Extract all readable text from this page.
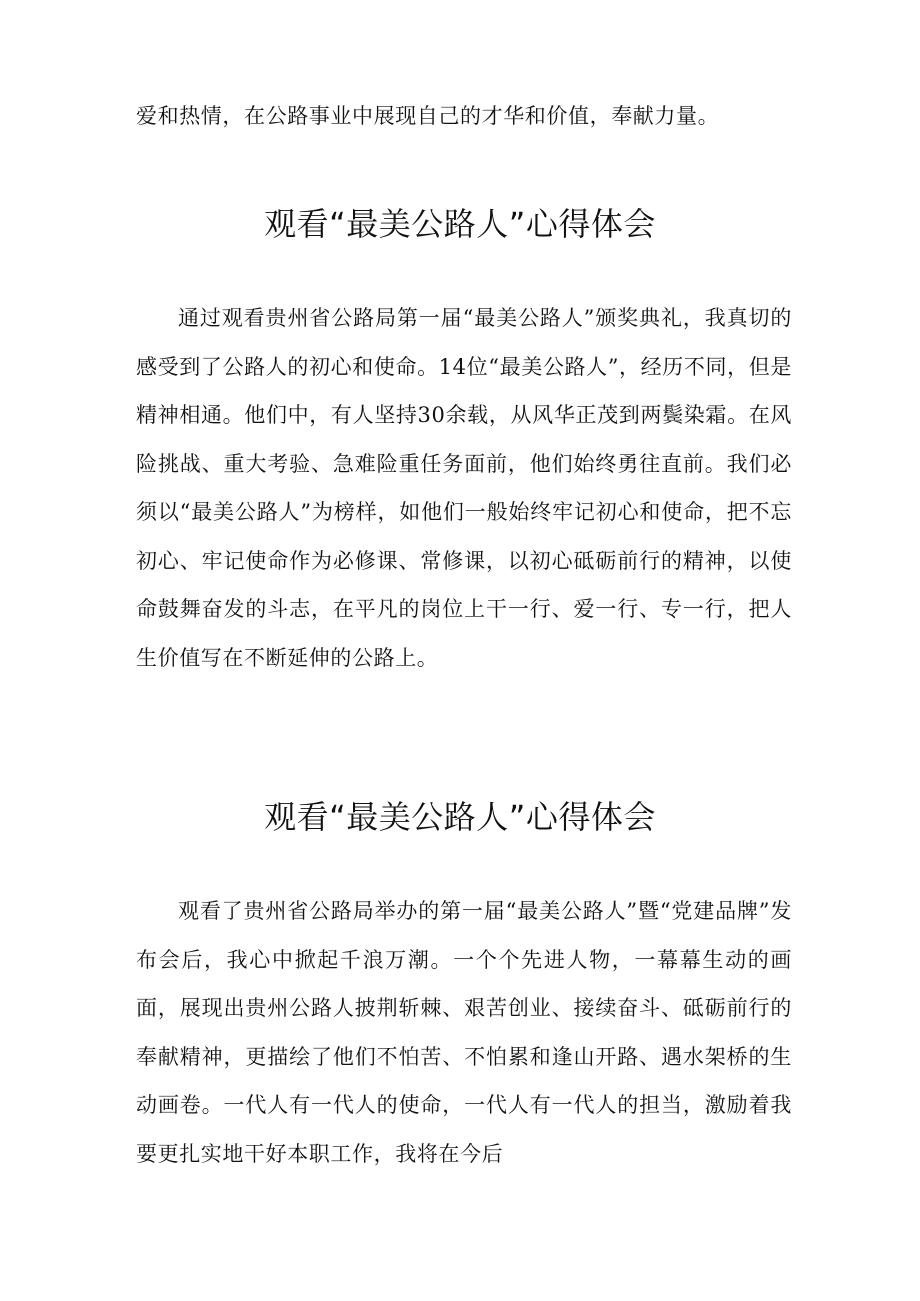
爱和热情，在公路事业中展现自己的才华和价值，奉献力量。

观看“最美公路人”心得体会

通过观看贵州省公路局第一届“最美公路人”颁奖典礼，我真切的感受到了公路人的初心和使命。14位“最美公路人”，经历不同，但是精神相通。他们中，有人坚持30余载，从风华正茂到两鬓染霜。在风险挑战、重大考验、急难险重任务面前，他们始终勇往直前。我们必须以“最美公路人”为榜样，如他们一般始终牢记初心和使命，把不忘初心、牢记使命作为必修课、常修课，以初心砥砺前行的精神，以使命鼓舞奋发的斗志，在平凡的岗位上干一行、爱一行、专一行，把人生价值写在不断延伸的公路上。

观看“最美公路人”心得体会

观看了贵州省公路局举办的第一届“最美公路人”暨“党建品牌”发布会后，我心中掀起千浪万潮。一个个先进人物，一幕幕生动的画面，展现出贵州公路人披荆斩棘、艰苦创业、接续奋斗、砥砺前行的奉献精神，更描绘了他们不怕苦、不怕累和逢山开路、遇水架桥的生动画卷。一代人有一代人的使命，一代人有一代人的担当，激励着我要更扎实地干好本职工作，我将在今后
